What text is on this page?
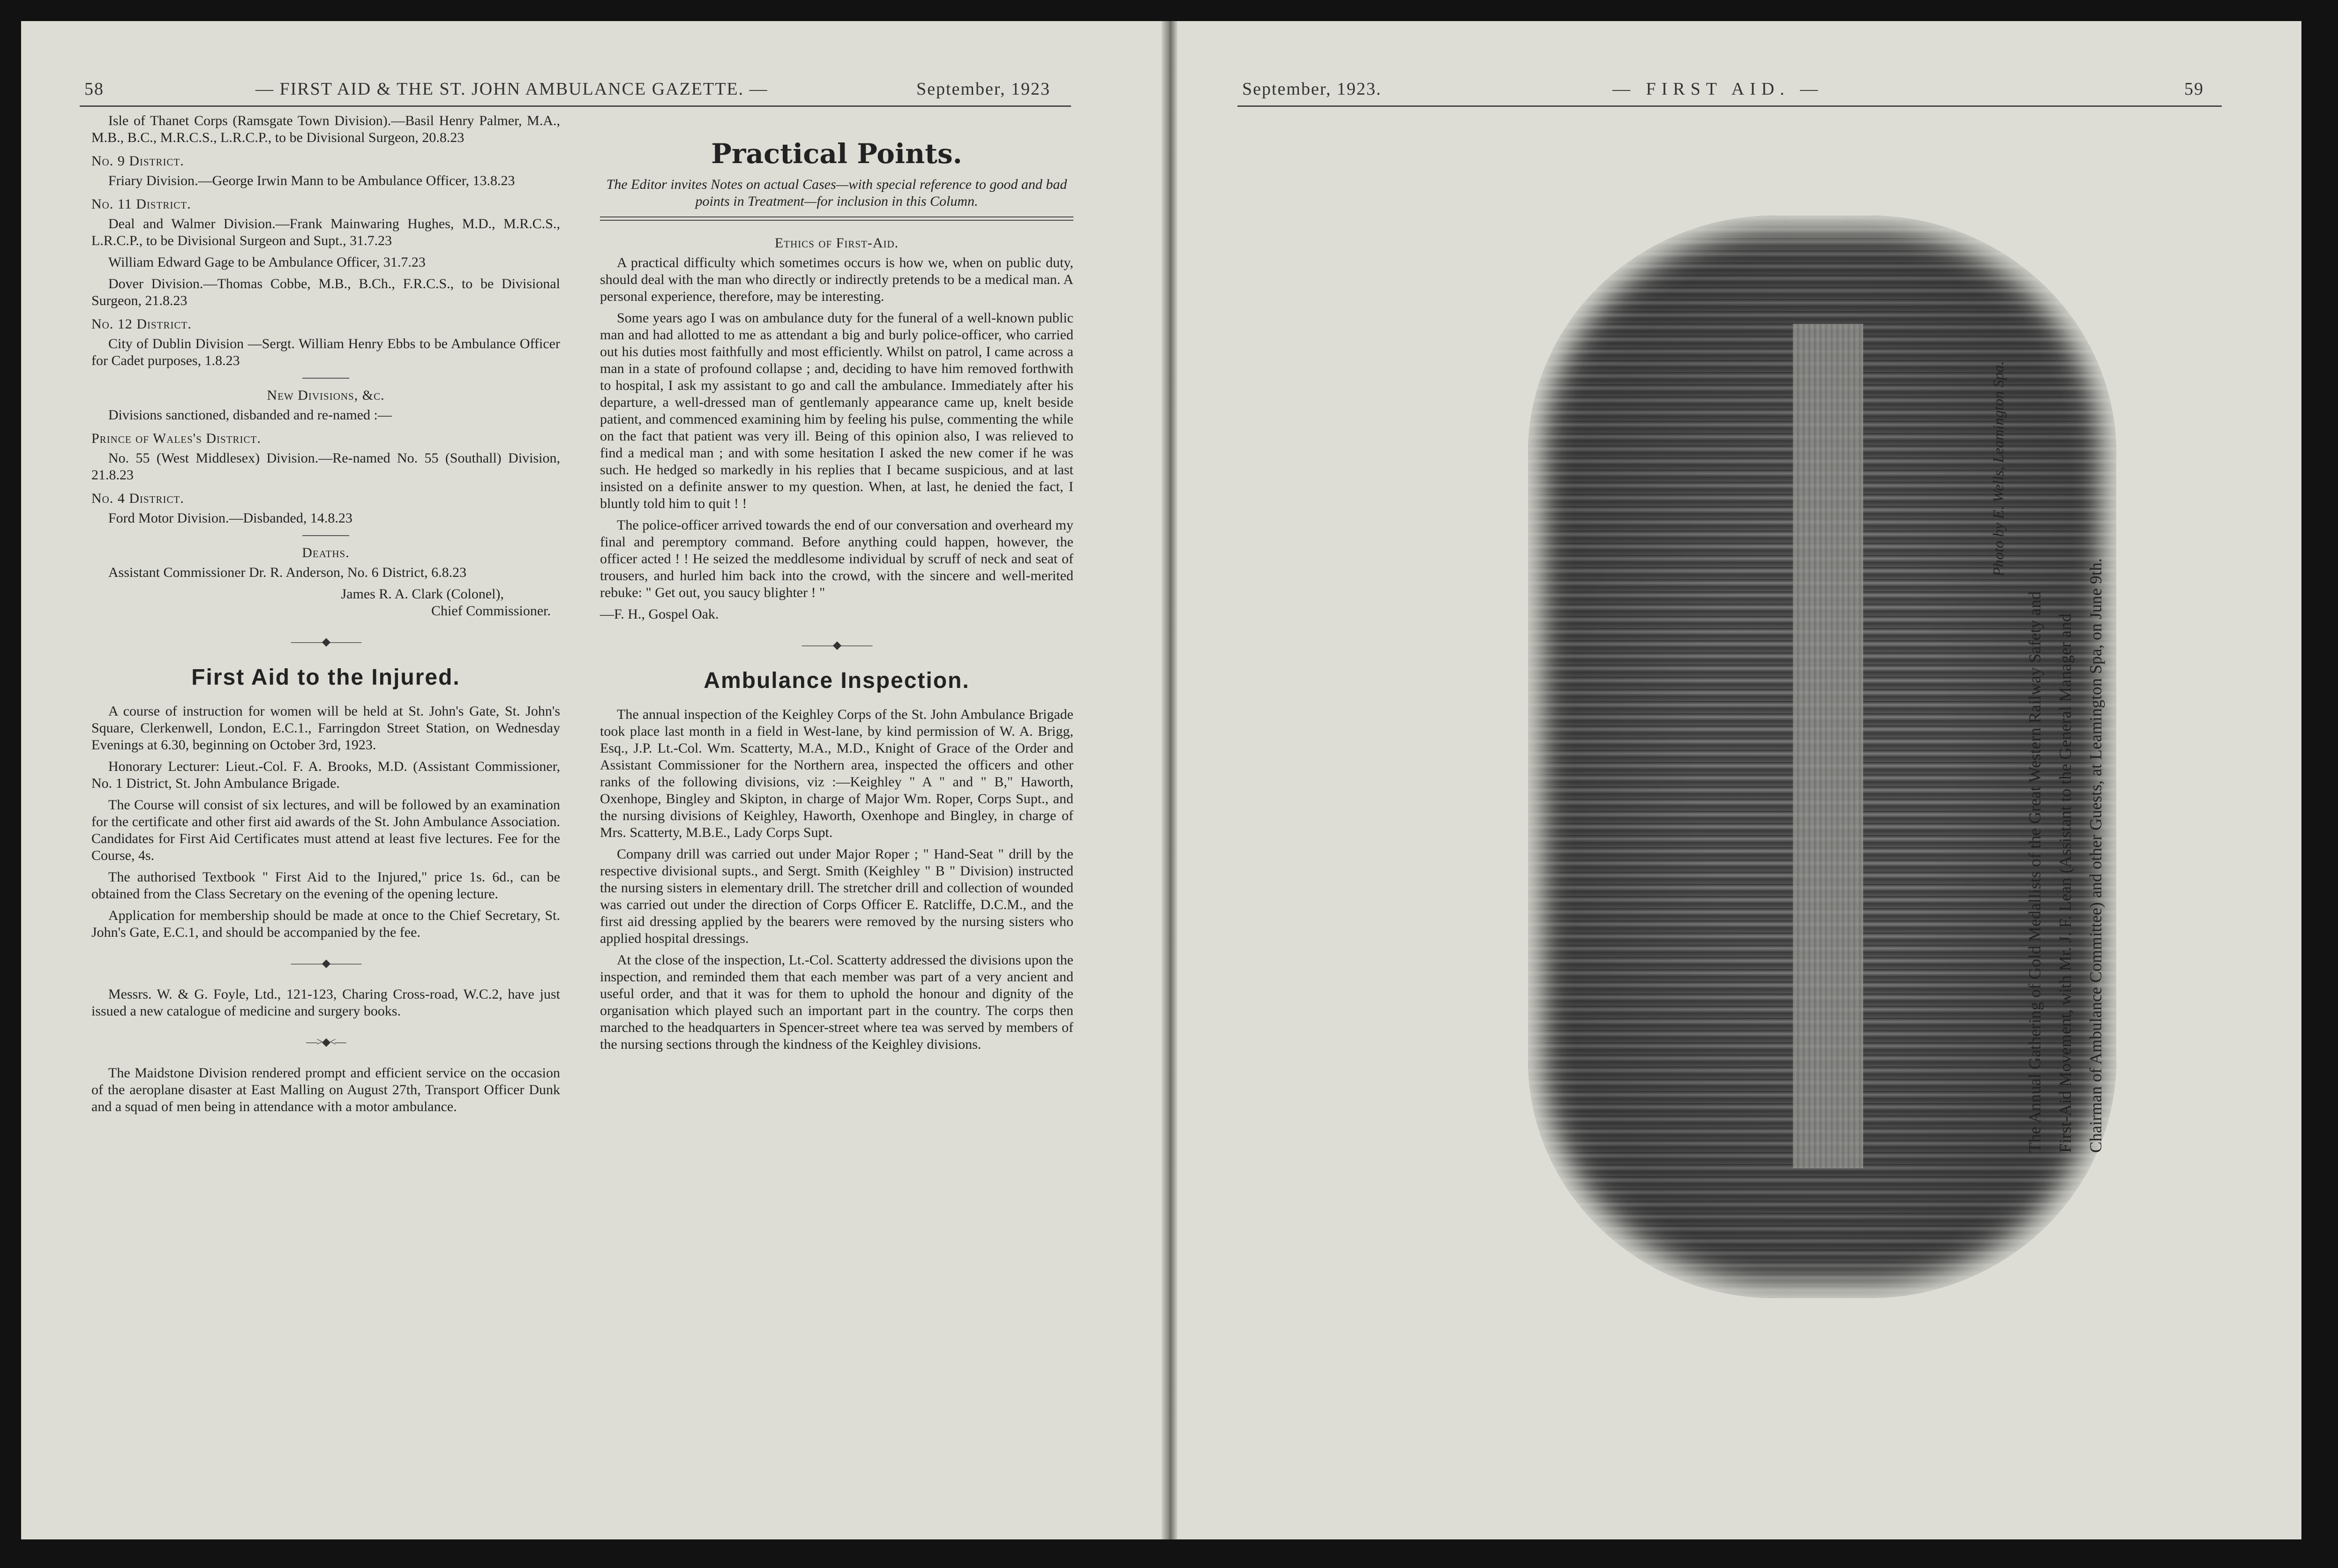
58	— FIRST AID & THE ST. JOHN AMBULANCE GAZETTE. —	September, 1923

Isle of Thanet Corps (Ramsgate Town Division).—Basil Henry Palmer, M.A., M.B., B.C., M.R.C.S., L.R.C.P., to be Divisional Surgeon, 20.8.23

No. 9 District.

Friary Division.—George Irwin Mann to be Ambulance Officer, 13.8.23

No. 11 District.

Deal and Walmer Division.—Frank Mainwaring Hughes, M.D., M.R.C.S., L.R.C.P., to be Divisional Surgeon and Supt., 31.7.23

William Edward Gage to be Ambulance Officer, 31.7.23

Dover Division.—Thomas Cobbe, M.B., B.Ch., F.R.C.S., to be Divisional Surgeon, 21.8.23

No. 12 District.

City of Dublin Division —Sergt. William Henry Ebbs to be Ambulance Officer for Cadet purposes, 1.8.23

New Divisions, &c.

Divisions sanctioned, disbanded and re-named :—

Prince of Wales's District.

No. 55 (West Middlesex) Division.—Re-named No. 55 (Southall) Division, 21.8.23

No. 4 District.

Ford Motor Division.—Disbanded, 14.8.23

Deaths.

Assistant Commissioner Dr. R. Anderson, No. 6 District, 6.8.23

James R. A. Clark (Colonel),

Chief Commissioner.

———◆———

First Aid to the Injured.

A course of instruction for women will be held at St. John's Gate, St. John's Square, Clerkenwell, London, E.C.1., Farringdon Street Station, on Wednesday Evenings at 6.30, beginning on October 3rd, 1923.

Honorary Lecturer: Lieut.-Col. F. A. Brooks, M.D. (Assistant Commissioner, No. 1 District, St. John Ambulance Brigade.

The Course will consist of six lectures, and will be followed by an examination for the certificate and other first aid awards of the St. John Ambulance Association. Candidates for First Aid Certificates must attend at least five lectures. Fee for the Course, 4s.

The authorised Textbook " First Aid to the Injured," price 1s. 6d., can be obtained from the Class Secretary on the evening of the opening lecture.

Application for membership should be made at once to the Chief Secretary, St. John's Gate, E.C.1, and should be accompanied by the fee.

———◆———

Messrs. W. & G. Foyle, Ltd., 121-123, Charing Cross-road, W.C.2, have just issued a new catalogue of medicine and surgery books.

—>◆<—

The Maidstone Division rendered prompt and efficient service on the occasion of the aeroplane disaster at East Malling on August 27th, Transport Officer Dunk and a squad of men being in attendance with a motor ambulance.

Practical Points.

The Editor invites Notes on actual Cases—with special reference to good and bad points in Treatment—for inclusion in this Column.

Ethics of First-Aid.

A practical difficulty which sometimes occurs is how we, when on public duty, should deal with the man who directly or indirectly pretends to be a medical man. A personal experience, therefore, may be interesting.

Some years ago I was on ambulance duty for the funeral of a well-known public man and had allotted to me as attendant a big and burly police-officer, who carried out his duties most faithfully and most efficiently. Whilst on patrol, I came across a man in a state of profound collapse ; and, deciding to have him removed forthwith to hospital, I ask my assistant to go and call the ambulance. Immediately after his departure, a well-dressed man of gentlemanly appearance came up, knelt beside patient, and commenced examining him by feeling his pulse, commenting the while on the fact that patient was very ill. Being of this opinion also, I was relieved to find a medical man ; and with some hesitation I asked the new comer if he was such. He hedged so markedly in his replies that I became suspicious, and at last insisted on a definite answer to my question. When, at last, he denied the fact, I bluntly told him to quit ! !

The police-officer arrived towards the end of our conversation and overheard my final and peremptory command. Before anything could happen, however, the officer acted ! ! He seized the meddlesome individual by scruff of neck and seat of trousers, and hurled him back into the crowd, with the sincere and well-merited rebuke: " Get out, you saucy blighter ! "

—F. H., Gospel Oak.

———◆———

Ambulance Inspection.

The annual inspection of the Keighley Corps of the St. John Ambulance Brigade took place last month in a field in West-lane, by kind permission of W. A. Brigg, Esq., J.P. Lt.-Col. Wm. Scatterty, M.A., M.D., Knight of Grace of the Order and Assistant Commissioner for the Northern area, inspected the officers and other ranks of the following divisions, viz :—Keighley " A " and " B," Haworth, Oxenhope, Bingley and Skipton, in charge of Major Wm. Roper, Corps Supt., and the nursing divisions of Keighley, Haworth, Oxenhope and Bingley, in charge of Mrs. Scatterty, M.B.E., Lady Corps Supt.

Company drill was carried out under Major Roper ; " Hand-Seat " drill by the respective divisional supts., and Sergt. Smith (Keighley " B " Division) instructed the nursing sisters in elementary drill. The stretcher drill and collection of wounded was carried out under the direction of Corps Officer E. Ratcliffe, D.C.M., and the first aid dressing applied by the bearers were removed by the nursing sisters who applied hospital dressings.

At the close of the inspection, Lt.-Col. Scatterty addressed the divisions upon the inspection, and reminded them that each member was part of a very ancient and useful order, and that it was for them to uphold the honour and dignity of the organisation which played such an important part in the country. The corps then marched to the headquarters in Spencer-street where tea was served by members of the nursing sections through the kindness of the Keighley divisions.

September, 1923.	— FIRST AID. —	59
Photo by E. Wells, Leamington Spa.
The Annual Gathering of Gold Medallists of the Great Western Railway Safety and First-Aid Movement, with Mr. J. F. Lean (Assistant to the General Manager and Chairman of Ambulance Committee) and other Guests, at Leamington Spa, on June 9th.
